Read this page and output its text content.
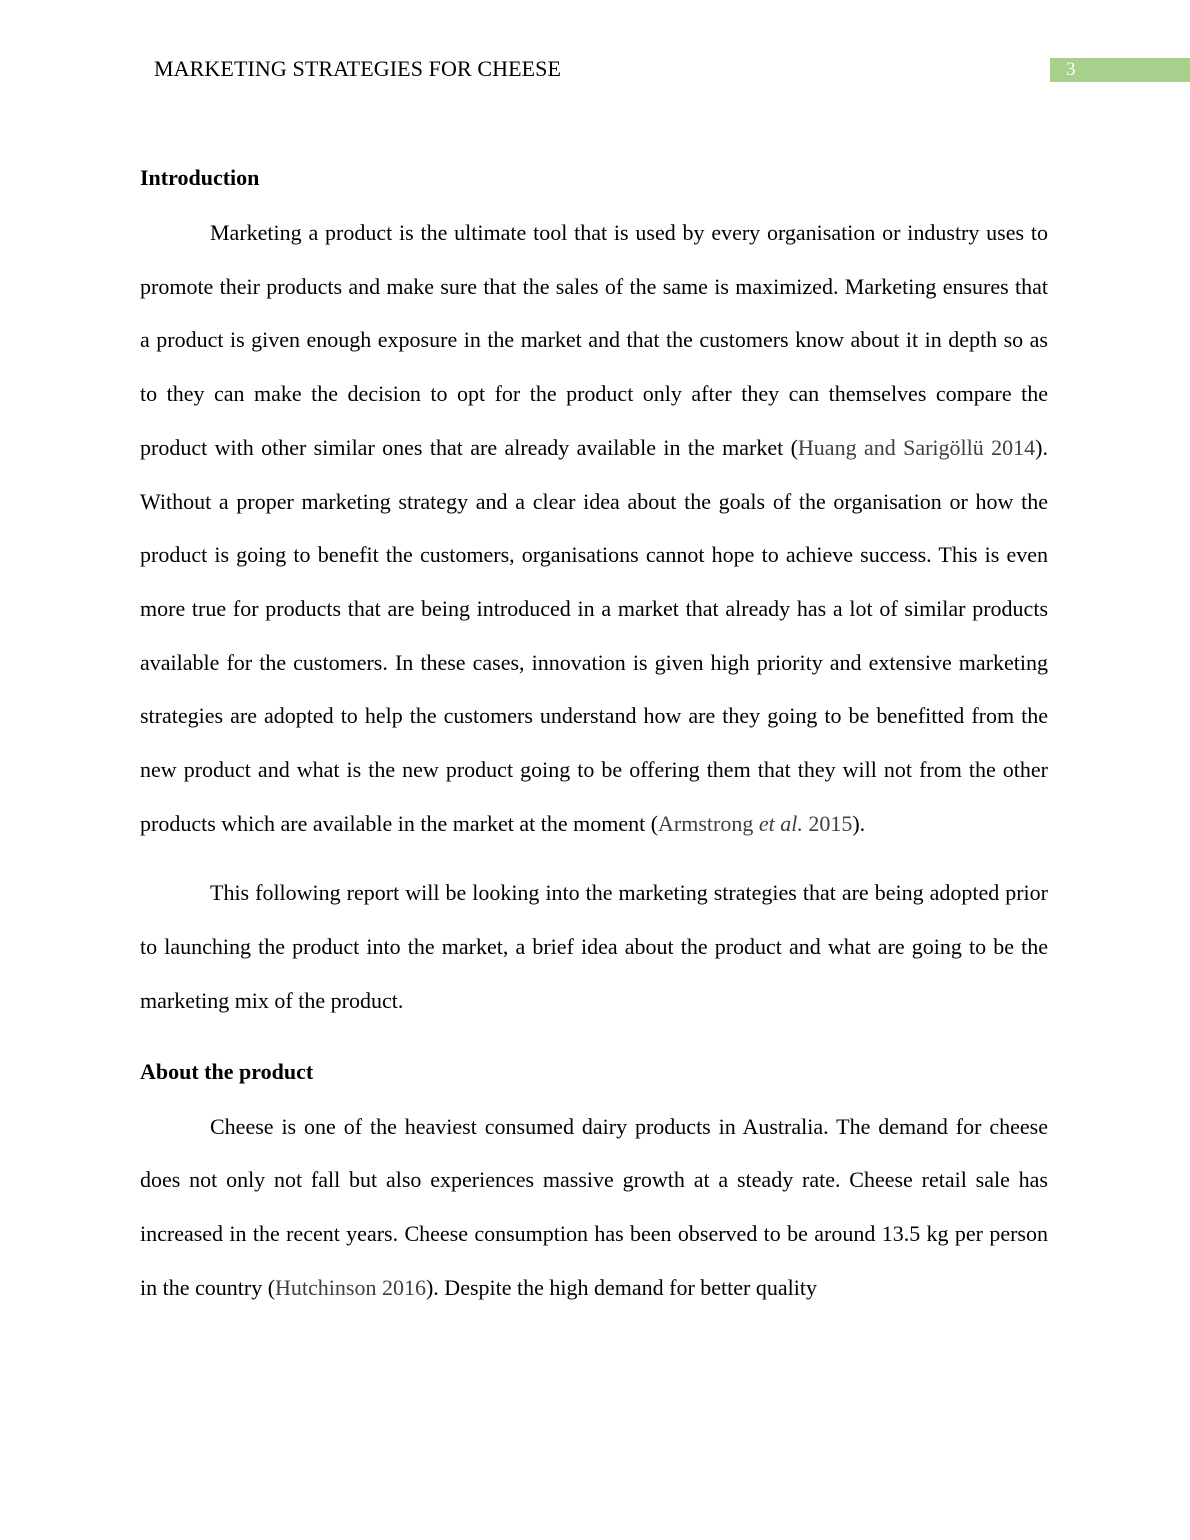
MARKETING STRATEGIES FOR CHEESE	3
Introduction

Marketing a product is the ultimate tool that is used by every organisation or industry uses to promote their products and make sure that the sales of the same is maximized. Marketing ensures that a product is given enough exposure in the market and that the customers know about it in depth so as to they can make the decision to opt for the product only after they can themselves compare the product with other similar ones that are already available in the market (Huang and Sarigöllü 2014). Without a proper marketing strategy and a clear idea about the goals of the organisation or how the product is going to benefit the customers, organisations cannot hope to achieve success. This is even more true for products that are being introduced in a market that already has a lot of similar products available for the customers. In these cases, innovation is given high priority and extensive marketing strategies are adopted to help the customers understand how are they going to be benefitted from the new product and what is the new product going to be offering them that they will not from the other products which are available in the market at the moment (Armstrong et al. 2015).

This following report will be looking into the marketing strategies that are being adopted prior to launching the product into the market, a brief idea about the product and what are going to be the marketing mix of the product.

About the product

Cheese is one of the heaviest consumed dairy products in Australia. The demand for cheese does not only not fall but also experiences massive growth at a steady rate. Cheese retail sale has increased in the recent years. Cheese consumption has been observed to be around 13.5 kg per person in the country (Hutchinson 2016). Despite the high demand for better quality
